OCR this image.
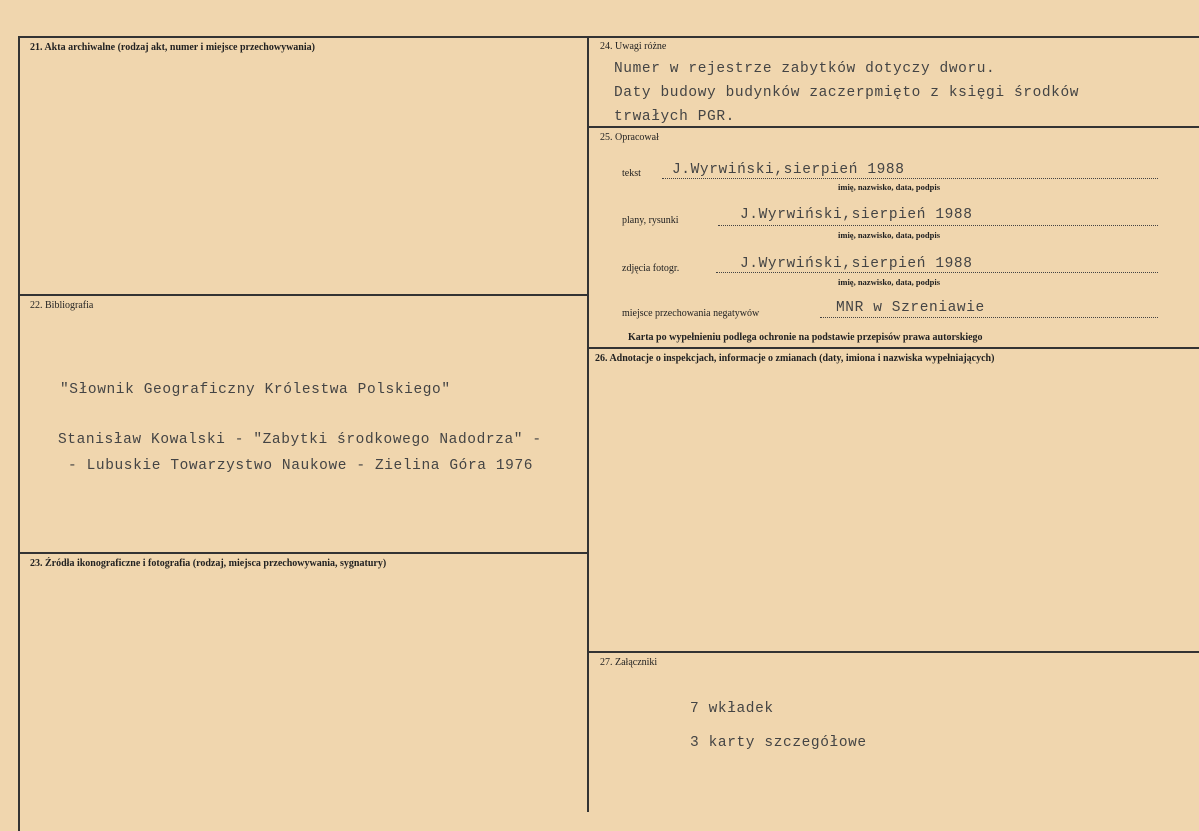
21. Akta archiwalne (rodzaj akt, numer i miejsce przechowywania)
22. Bibliografia
"Słownik Geograficzny Królestwa Polskiego"
Stanisław Kowalski - "Zabytki środkowego Nadodrza" -
- Lubuskie Towarzystwo Naukowe - Zielina Góra 1976
23. Źródła ikonograficzne i fotografia (rodzaj, miejsca przechowywania, sygnatury)
24. Uwagi różne
Numer w rejestrze zabytków dotyczy dworu.
Daty budowy budynków zaczerpmięto z księgi środków
trwałych PGR.
25. Opracował
tekst J.Wyrwiński,sierpień 1988
imię, nazwisko, data, podpis
plany, rysunki	J.Wyrwiński,sierpień 1988
imię, nazwisko, data, podpis
zdjęcia fotogr.	J.Wyrwiński,sierpień 1988
imię, nazwisko, data, podpis
miejsce przechowania negatywów	MNR w Szreniawie
Karta po wypełnieniu podlega ochronie na podstawie przepisów prawa autorskiego
26. Adnotacje o inspekcjach, informacje o zmianach (daty, imiona i nazwiska wypełniających)
27. Załączniki
7 wkładek
3 karty szczegółowe
